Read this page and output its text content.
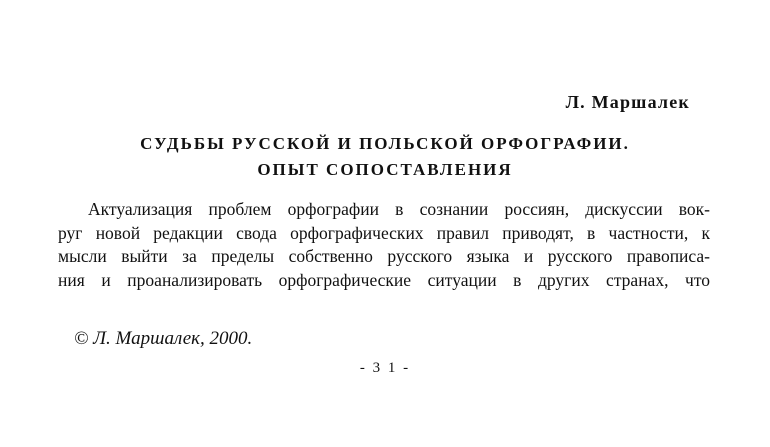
Л. Маршалек
СУДЬБЫ РУССКОЙ И ПОЛЬСКОЙ ОРФОГРАФИИ.
ОПЫТ СОПОСТАВЛЕНИЯ
Актуализация проблем орфографии в сознании россиян, дискуссии вок-
руг новой редакции свода орфографических правил приводят, в частности, к
мысли выйти за пределы собственно русского языка и русского правописа-
ния и проанализировать орфографические ситуации в других странах, что
© Л. Маршалек, 2000.
- 3 1 -
